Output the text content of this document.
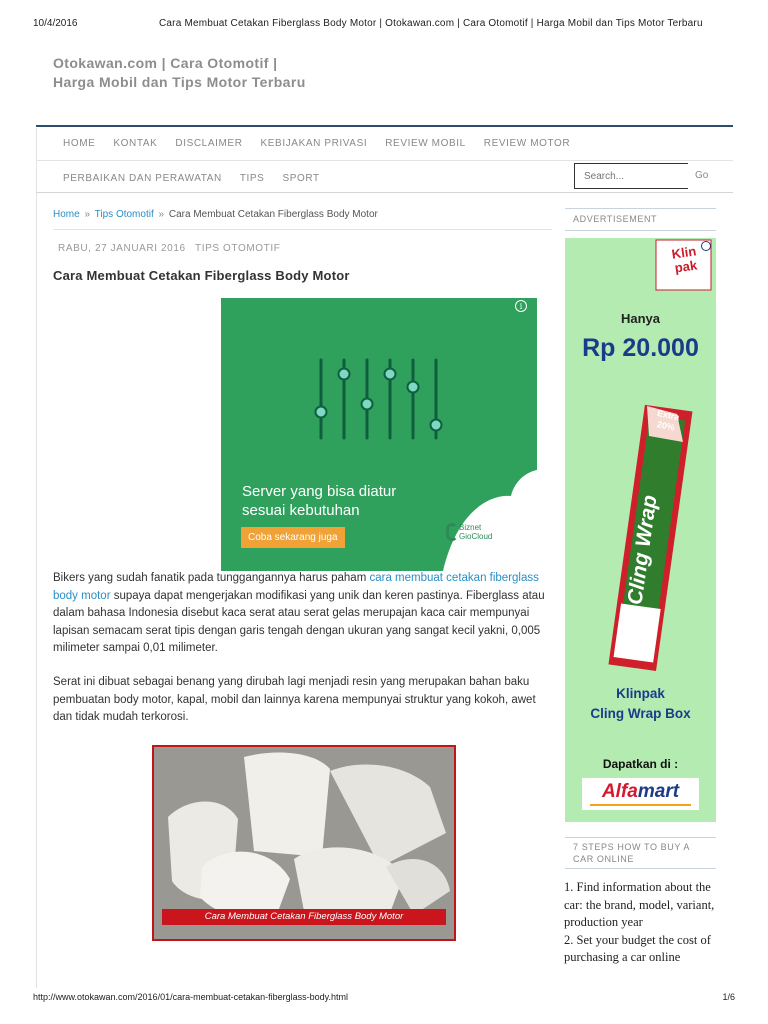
10/4/2016	Cara Membuat Cetakan Fiberglass Body Motor | Otokawan.com | Cara Otomotif | Harga Mobil dan Tips Motor Terbaru
Otokawan.com | Cara Otomotif | Harga Mobil dan Tips Motor Terbaru
HOME KONTAK DISCLAIMER KEBIJAKAN PRIVASI REVIEW MOBIL REVIEW MOTOR
PERBAIKAN DAN PERAWATAN TIPS SPORT
Search...	Go
Home » Tips Otomotif » Cara Membuat Cetakan Fiberglass Body Motor
RABU, 27 JANUARI 2016 TIPS OTOMOTIF
Cara Membuat Cetakan Fiberglass Body Motor
i
Server yang bisa diatur
sesuai kebutuhan
Coba sekarang juga
Biznet
GioCloud

Bikers yang sudah fanatik pada tunggangannya harus paham cara membuat cetakan fiberglass body motor supaya dapat mengerjakan modifikasi yang unik dan keren pastinya. Fiberglass atau dalam bahasa Indonesia disebut kaca serat atau serat gelas merupajan kaca cair mempunyai lapisan semacam serat tipis dengan garis tengah dengan ukuran yang sangat kecil yakni, 0,005 milimeter sampai 0,01 milimeter.

Serat ini dibuat sebagai benang yang dirubah lagi menjadi resin yang merupakan bahan baku pembuatan body motor, kapal, mobil dan lainnya karena mempunyai struktur yang kokoh, awet dan tidak mudah terkorosi.

Cara Membuat Cetakan Fiberglass Body Motor
ADVERTISEMENT
Klin
pak
Hanya
Rp 20.000
Extra
20%
Cling Wrap
Klinpak
Cling Wrap Box
Dapatkan di :
Alfamart
7 STEPS HOW TO BUY A
CAR ONLINE
1. Find information about the car: the brand, model, variant, production year
2. Set your budget the cost of purchasing a car online
http://www.otokawan.com/2016/01/cara-membuat-cetakan-fiberglass-body.html	1/6
